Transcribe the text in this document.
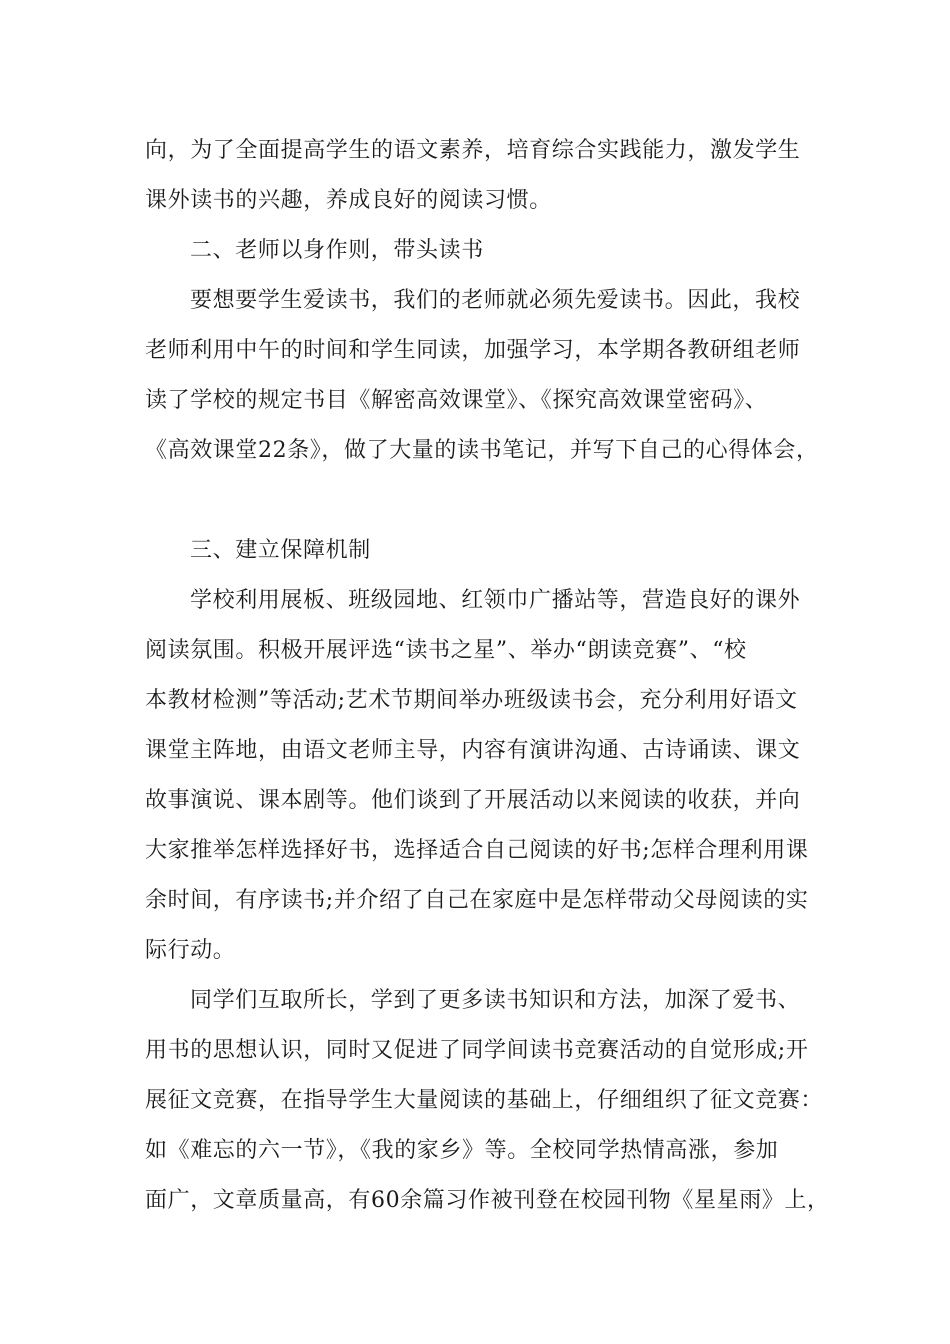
向，为了全面提高学生的语文素养，培育综合实践能力，激发学生
课外读书的兴趣，养成良好的阅读习惯。
二、老师以身作则，带头读书
要想要学生爱读书，我们的老师就必须先爱读书。因此，我校
老师利用中午的时间和学生同读，加强学习，本学期各教研组老师
读了学校的规定书目《解密高效课堂》、《探究高效课堂密码》、
《高效课堂22条》，做了大量的读书笔记，并写下自己的心得体会，
三、建立保障机制
学校利用展板、班级园地、红领巾广播站等，营造良好的课外
阅读氛围。积极开展评选“读书之星”、举办“朗读竞赛”、“校
本教材检测”等活动;艺术节期间举办班级读书会，充分利用好语文
课堂主阵地，由语文老师主导，内容有演讲沟通、古诗诵读、课文
故事演说、课本剧等。他们谈到了开展活动以来阅读的收获，并向
大家推举怎样选择好书，选择适合自己阅读的好书;怎样合理利用课
余时间，有序读书;并介绍了自己在家庭中是怎样带动父母阅读的实
际行动。
同学们互取所长，学到了更多读书知识和方法，加深了爱书、
用书的思想认识，同时又促进了同学间读书竞赛活动的自觉形成;开
展征文竞赛，在指导学生大量阅读的基础上，仔细组织了征文竞赛：
如《难忘的六一节》，《我的家乡》等。全校同学热情高涨，参加
面广，文章质量高，有60余篇习作被刊登在校园刊物《星星雨》上，
